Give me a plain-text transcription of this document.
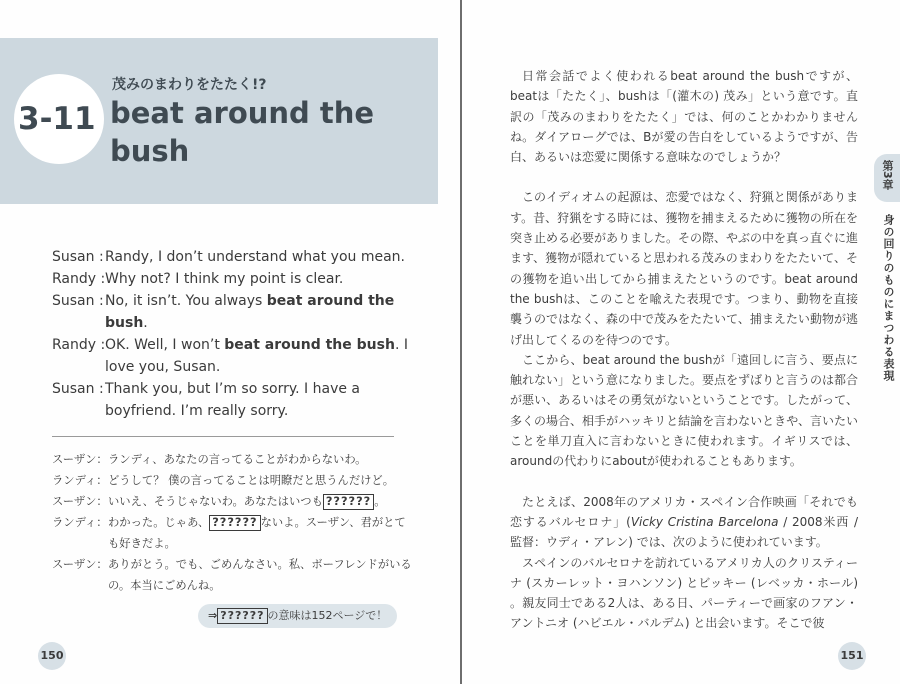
3-11
茂みのまわりをたたく!?
beat around the bush
Susan : Randy, I don’t understand what you mean.
Randy : Why not? I think my point is clear.
Susan : No, it isn’t. You always beat around the bush.
Randy : OK. Well, I won’t beat around the bush. I love you, Susan.
Susan : Thank you, but I’m so sorry. I have a boyfriend. I’m really sorry.
スーザン： ランディ、あなたの言ってることがわからないわ。
ランディ： どうして？ 僕の言ってることは明瞭だと思うんだけど。
スーザン： いいえ、そうじゃないわ。あなたはいつも ?????? 。
ランディ： わかった。じゃあ、 ?????? ないよ。スーザン、君がとても好きだよ。
スーザン： ありがとう。でも、ごめんなさい。私、ボーフレンドがいるの。本当にごめんね。
⇒ ?????? の意味は152ページで！
150

日常会話でよく使われるbeat around the bushですが、beatは「たたく」、bushは「(灌木の) 茂み」という意です。直訳の「茂みのまわりをたたく」では、何のことかわかりませんね。ダイアローグでは、Bが愛の告白をしているようですが、告白、あるいは恋愛に関係する意味なのでしょうか？

このイディオムの起源は、恋愛ではなく、狩猟と関係があります。昔、狩猟をする時には、獲物を捕まえるために獲物の所在を突き止める必要がありました。その際、やぶの中を真っ直ぐに進ます、獲物が隠れていると思われる茂みのまわりをたたいて、その獲物を追い出してから捕まえたというのです。beat around the bushは、このことを喩えた表現です。つまり、動物を直接襲うのではなく、森の中で茂みをたたいて、捕まえたい動物が逃げ出してくるのを待つのです。

ここから、beat around the bushが「遠回しに言う、要点に触れない」という意になりました。要点をずばりと言うのは都合が悪い、あるいはその勇気がないということです。したがって、多くの場合、相手がハッキリと結論を言わないときや、言いたいことを単刀直入に言わないときに使われます。イギリスでは、aroundの代わりにaboutが使われることもあります。

たとえば、2008年のアメリカ・スペイン合作映画「それでも恋するバルセロナ」(Vicky Cristina Barcelona / 2008米西 / 監督：ウディ・アレン) では、次のように使われています。

スペインのバルセロナを訪れているアメリカ人のクリスティーナ (スカーレット・ヨハンソン) とビッキー (レベッカ・ホール) 。親友同士である2人は、ある日、パーティーで画家のフアン・アントニオ (ハビエル・バルデム) と出会います。そこで彼

第3章
身の回りのものにまつわる表現
151
